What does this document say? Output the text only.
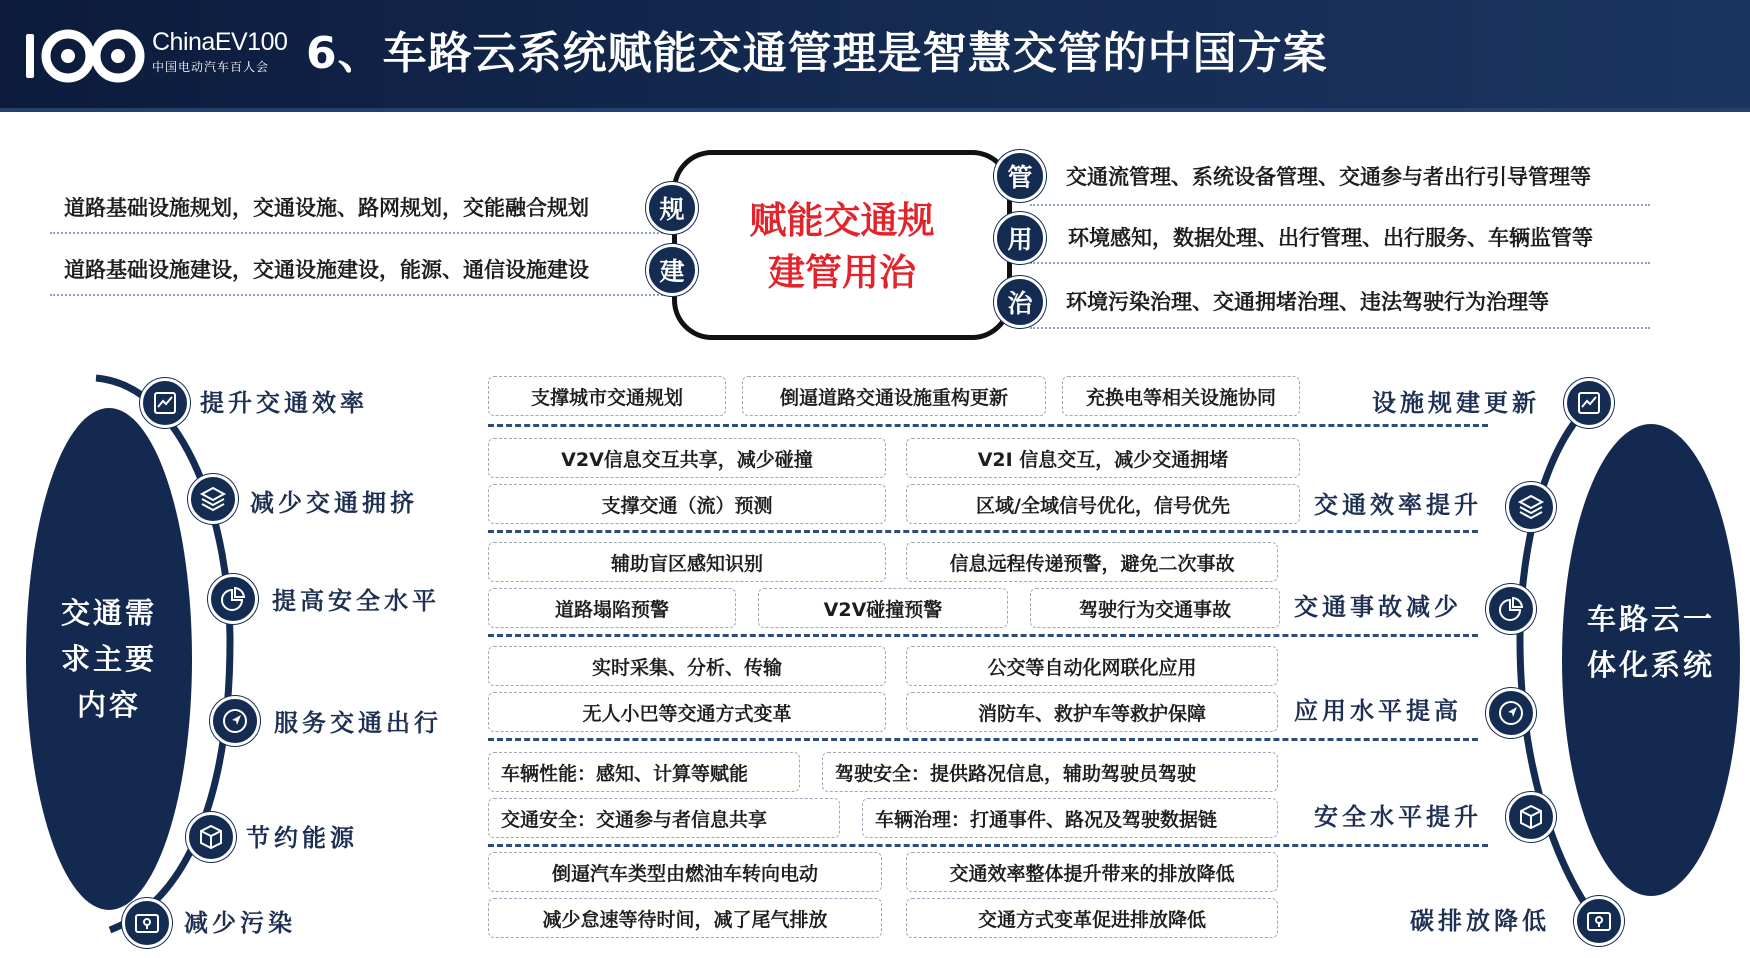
ChinaEV100
中国电动汽车百人会 6、车路云系统赋能交通管理是智慧交管的中国方案
道路基础设施规划，交通设施、路网规划，交能融合规划
道路基础设施建设，交通设施建设，能源、通信设施建设
交通流管理、系统设备管理、交通参与者出行引导管理等
环境感知，数据处理、出行管理、出行服务、车辆监管等
环境污染治理、交通拥堵治理、违法驾驶行为治理等
赋能交通规
建管用治
规
建
管
用
治
交通需
求主要
内容
提升交通效率
减少交通拥挤
提高安全水平
服务交通出行
节约能源
减少污染
车路云一
体化系统
设施规建更新
交通效率提升
交通事故减少
应用水平提高
安全水平提升
碳排放降低
支撑城市交通规划	倒逼道路交通设施重构更新	充换电等相关设施协同
V2V信息交互共享，减少碰撞	V2I 信息交互，减少交通拥堵
支撑交通（流）预测	区域/全域信号优化，信号优先
辅助盲区感知识别	信息远程传递预警，避免二次事故
道路塌陷预警	V2V碰撞预警	驾驶行为交通事故
实时采集、分析、传输	公交等自动化网联化应用
无人小巴等交通方式变革	消防车、救护车等救护保障
车辆性能：感知、计算等赋能	驾驶安全：提供路况信息，辅助驾驶员驾驶
交通安全：交通参与者信息共享	车辆治理：打通事件、路况及驾驶数据链
倒逼汽车类型由燃油车转向电动	交通效率整体提升带来的排放降低
减少怠速等待时间，减了尾气排放	交通方式变革促进排放降低
